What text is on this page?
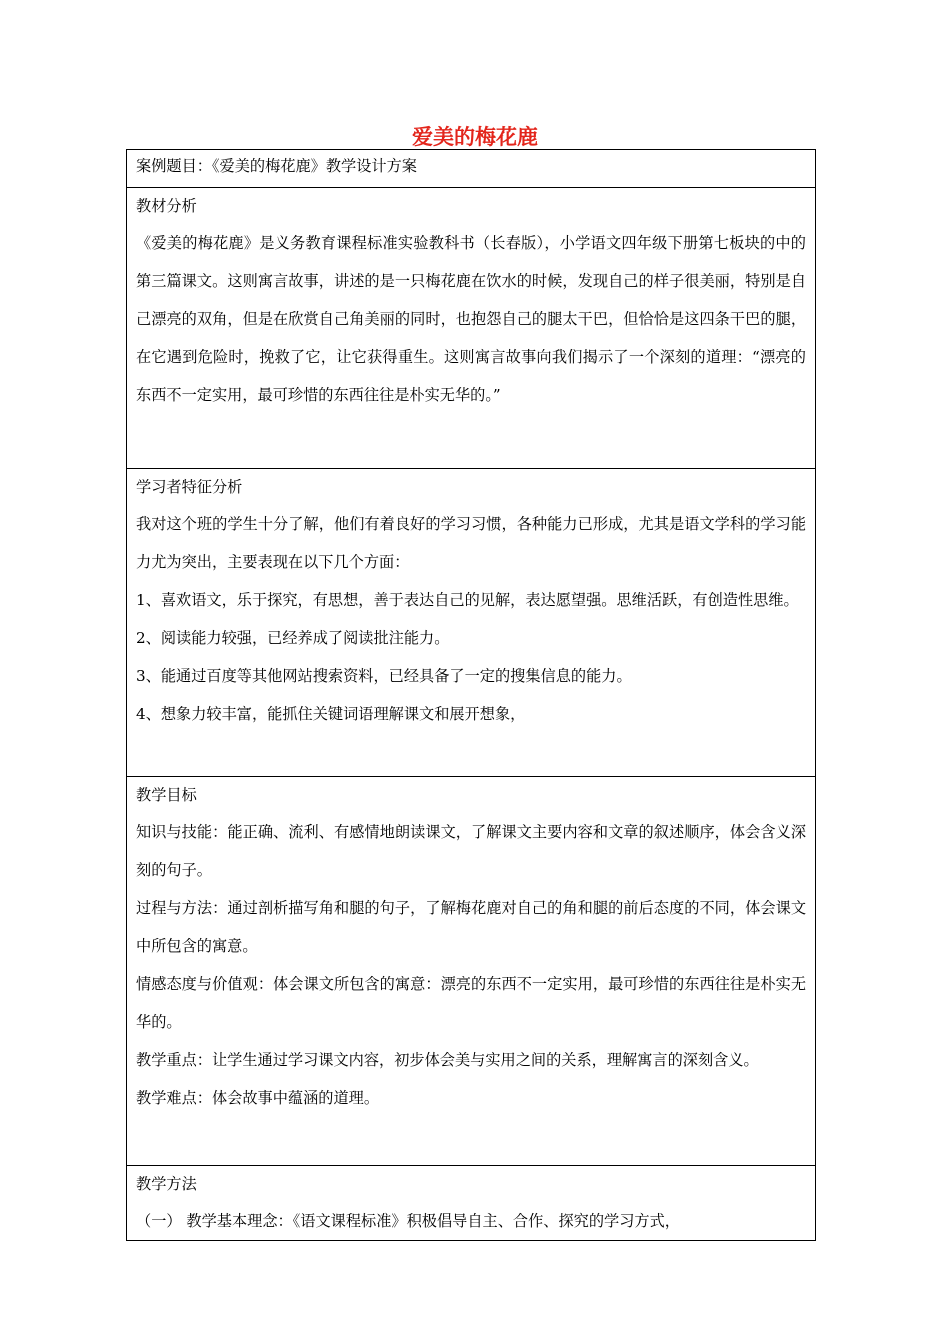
爱美的梅花鹿

案例题目：《爱美的梅花鹿》教学设计方案

教材分析

《爱美的梅花鹿》是义务教育课程标准实验教科书（长春版），小学语文四年级下册第七板块的中的第三篇课文。这则寓言故事，讲述的是一只梅花鹿在饮水的时候，发现自己的样子很美丽，特别是自己漂亮的双角，但是在欣赏自己角美丽的同时，也抱怨自己的腿太干巴，但恰恰是这四条干巴的腿，在它遇到危险时，挽救了它，让它获得重生。这则寓言故事向我们揭示了一个深刻的道理：“漂亮的东西不一定实用，最可珍惜的东西往往是朴实无华的。”

学习者特征分析

我对这个班的学生十分了解，他们有着良好的学习习惯，各种能力已形成，尤其是语文学科的学习能力尤为突出，主要表现在以下几个方面：

1、喜欢语文，乐于探究，有思想，善于表达自己的见解，表达愿望强。思维活跃，有创造性思维。

2、阅读能力较强，已经养成了阅读批注能力。

3、能通过百度等其他网站搜索资料，已经具备了一定的搜集信息的能力。

4、想象力较丰富，能抓住关键词语理解课文和展开想象，

教学目标

知识与技能：能正确、流利、有感情地朗读课文，了解课文主要内容和文章的叙述顺序，体会含义深刻的句子。

过程与方法：通过剖析描写角和腿的句子，了解梅花鹿对自己的角和腿的前后态度的不同，体会课文中所包含的寓意。

情感态度与价值观：体会课文所包含的寓意：漂亮的东西不一定实用，最可珍惜的东西往往是朴实无华的。

教学重点：让学生通过学习课文内容，初步体会美与实用之间的关系，理解寓言的深刻含义。

教学难点：体会故事中蕴涵的道理。

教学方法

（一） 教学基本理念：《语文课程标准》积极倡导自主、合作、探究的学习方式，
